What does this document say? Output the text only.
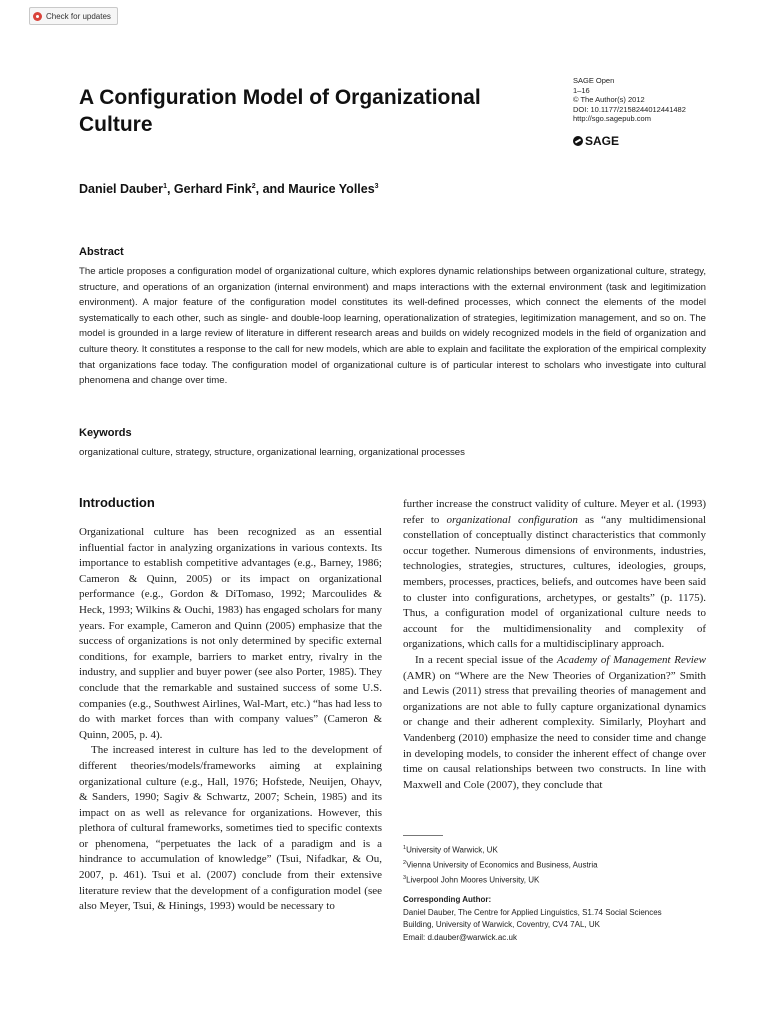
Check for updates
A Configuration Model of Organizational Culture
SAGE Open
1–16
© The Author(s) 2012
DOI: 10.1177/2158244012441482
http://sgo.sagepub.com
SAGE
Daniel Dauber$^1$, Gerhard Fink$^2$, and Maurice Yolles$^3$
Abstract

The article proposes a configuration model of organizational culture, which explores dynamic relationships between organizational culture, strategy, structure, and operations of an organization (internal environment) and maps interactions with the external environment (task and legitimization environment). A major feature of the configuration model constitutes its well-defined processes, which connect the elements of the model systematically to each other, such as single- and double-loop learning, operationalization of strategies, legitimization management, and so on. The model is grounded in a large review of literature in different research areas and builds on widely recognized models in the field of organization and culture theory. It constitutes a response to the call for new models, which are able to explain and facilitate the exploration of the empirical complexity that organizations face today. The configuration model of organizational culture is of particular interest to scholars who investigate into cultural phenomena and change over time.

Keywords

organizational culture, strategy, structure, organizational learning, organizational processes

Introduction

Organizational culture has been recognized as an essential influential factor in analyzing organizations in various contexts. Its importance to establish competitive advantages (e.g., Barney, 1986; Cameron & Quinn, 2005) or its impact on organizational performance (e.g., Gordon & DiTomaso, 1992; Marcoulides & Heck, 1993; Wilkins & Ouchi, 1983) has engaged scholars for many years. For example, Cameron and Quinn (2005) emphasize that the success of organizations is not only determined by specific external conditions, for example, barriers to market entry, rivalry in the industry, and supplier and buyer power (see also Porter, 1985). They conclude that the remarkable and sustained success of some U.S. companies (e.g., Southwest Airlines, Wal-Mart, etc.) “has had less to do with market forces than with company values” (Cameron & Quinn, 2005, p. 4).

The increased interest in culture has led to the development of different theories/models/frameworks aiming at explaining organizational culture (e.g., Hall, 1976; Hofstede, Neuijen, Ohayv, & Sanders, 1990; Sagiv & Schwartz, 2007; Schein, 1985) and its impact on as well as relevance for organizations. However, this plethora of cultural frameworks, sometimes tied to specific contexts or phenomena, “perpetuates the lack of a paradigm and is a hindrance to accumulation of knowledge” (Tsui, Nifadkar, & Ou, 2007, p. 461). Tsui et al. (2007) conclude from their extensive literature review that the development of a configuration model (see also Meyer, Tsui, & Hinings, 1993) would be necessary to

further increase the construct validity of culture. Meyer et al. (1993) refer to organizational configuration as “any multidimensional constellation of conceptually distinct characteristics that commonly occur together. Numerous dimensions of environments, industries, technologies, strategies, structures, cultures, ideologies, groups, members, processes, practices, beliefs, and outcomes have been said to cluster into configurations, archetypes, or gestalts” (p. 1175). Thus, a configuration model of organizational culture needs to account for the multidimensionality and complexity of organizations, which calls for a multidisciplinary approach.

In a recent special issue of the Academy of Management Review (AMR) on “Where are the New Theories of Organization?” Smith and Lewis (2011) stress that prevailing theories of management and organizations are not able to fully capture organizational dynamics or change and their adherent complexity. Similarly, Ployhart and Vandenberg (2010) emphasize the need to consider time and change in developing models, to consider the inherent effect of change over time on causal relationships between two constructs. In line with Maxwell and Cole (2007), they conclude that

$^1$University of Warwick, UK
$^2$Vienna University of Economics and Business, Austria
$^3$Liverpool John Moores University, UK
Corresponding Author:
Daniel Dauber, The Centre for Applied Linguistics, S1.74 Social Sciences
Building, University of Warwick, Coventry, CV4 7AL, UK
Email: d.dauber@warwick.ac.uk
